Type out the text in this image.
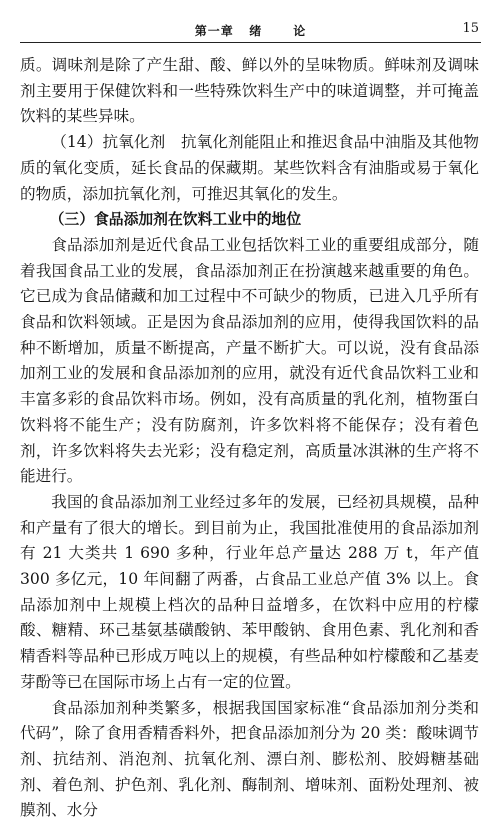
第一章   绪      论	15

质。调味剂是除了产生甜、酸、鲜以外的呈味物质。鲜味剂及调味剂主要用于保健饮料和一些特殊饮料生产中的味道调整，并可掩盖饮料的某些异味。

（14）抗氧化剂　抗氧化剂能阻止和推迟食品中油脂及其他物质的氧化变质，延长食品的保藏期。某些饮料含有油脂或易于氧化的物质，添加抗氧化剂，可推迟其氧化的发生。

（三）食品添加剂在饮料工业中的地位

食品添加剂是近代食品工业包括饮料工业的重要组成部分，随着我国食品工业的发展，食品添加剂正在扮演越来越重要的角色。它已成为食品储藏和加工过程中不可缺少的物质，已进入几乎所有食品和饮料领域。正是因为食品添加剂的应用，使得我国饮料的品种不断增加，质量不断提高，产量不断扩大。可以说，没有食品添加剂工业的发展和食品添加剂的应用，就没有近代食品饮料工业和丰富多彩的食品饮料市场。例如，没有高质量的乳化剂，植物蛋白饮料将不能生产；没有防腐剂，许多饮料将不能保存；没有着色剂，许多饮料将失去光彩；没有稳定剂，高质量冰淇淋的生产将不能进行。

我国的食品添加剂工业经过多年的发展，已经初具规模，品种和产量有了很大的增长。到目前为止，我国批准使用的食品添加剂有 21 大类共 1 690 多种，行业年总产量达 288 万 t，年产值 300 多亿元，10 年间翻了两番，占食品工业总产值 3% 以上。食品添加剂中上规模上档次的品种日益增多，在饮料中应用的柠檬酸、糖精、环己基氨基磺酸钠、苯甲酸钠、食用色素、乳化剂和香精香料等品种已形成万吨以上的规模，有些品种如柠檬酸和乙基麦芽酚等已在国际市场上占有一定的位置。

食品添加剂种类繁多，根据我国国家标准“食品添加剂分类和代码”，除了食用香精香料外，把食品添加剂分为 20 类：酸味调节剂、抗结剂、消泡剂、抗氧化剂、漂白剂、膨松剂、胶姆糖基础剂、着色剂、护色剂、乳化剂、酶制剂、增味剂、面粉处理剂、被膜剂、水分
